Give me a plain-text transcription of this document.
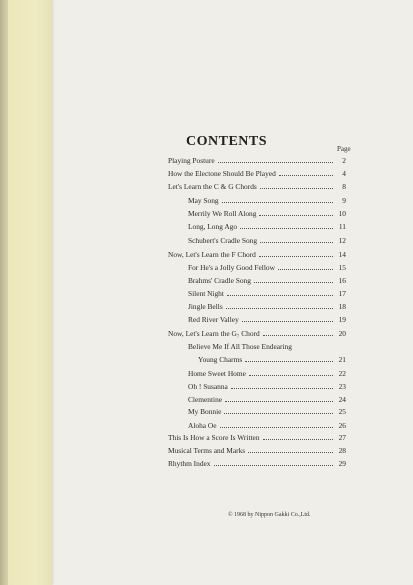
CONTENTS	Page
Playing Posture	2
How the Electone Should Be Played	4
Let's Learn the C & G Chords	8
May Song	9
Merrily We Roll Along	10
Long, Long Ago	11
Schubert's Cradle Song	12
Now, Let's Learn the F Chord	14
For He's a Jolly Good Fellow	15
Brahms' Cradle Song	16
Silent Night	17
Jingle Bells	18
Red River Valley	19
Now, Let's Learn the G₇ Chord	20
Believe Me If All Those Endearing
Young Charms	21
Home Sweet Home	22
Oh ! Susanna	23
Clementine	24
My Bonnie	25
Aloha Oe	26
This Is How a Score Is Written	27
Musical Terms and Marks	28
Rhythm Index	29
© 1968 by Nippon Gakki Co.,Ltd.
